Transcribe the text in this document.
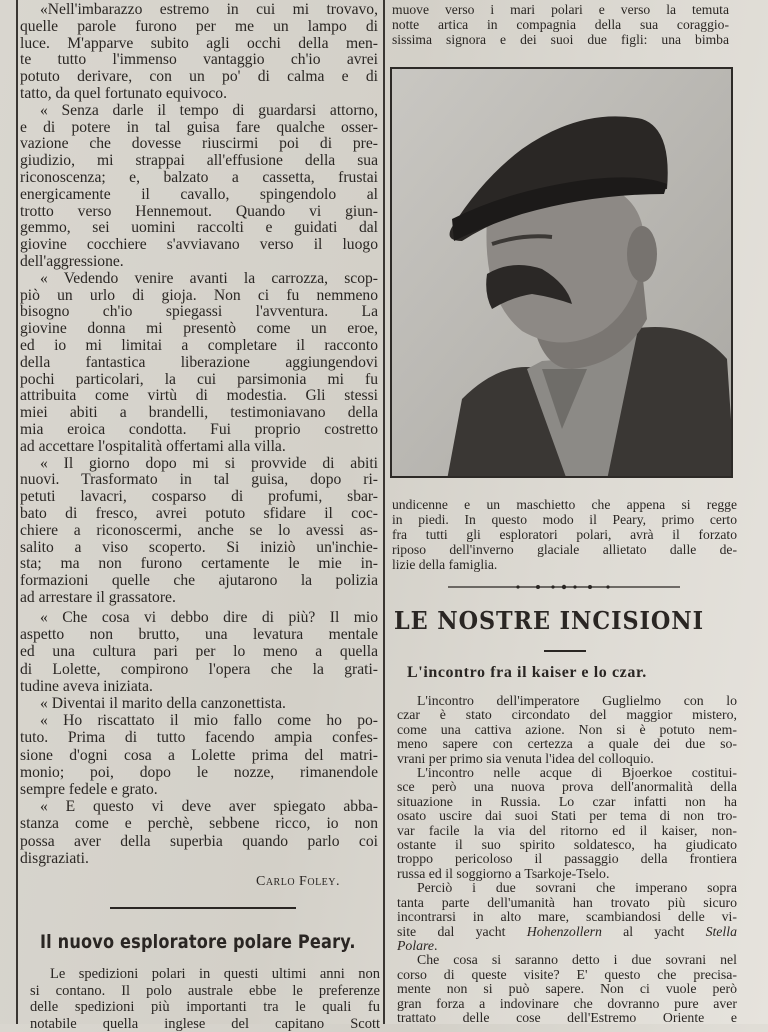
«Nell'imbarazzo estremo in cui mi trovavo,
quelle parole furono per me un lampo di
luce. M'apparve subito agli occhi della men-
te tutto l'immenso vantaggio ch'io avrei
potuto derivare, con un po' di calma e di
tatto, da quel fortunato equivoco.
« Senza darle il tempo di guardarsi attorno,
e di potere in tal guisa fare qualche osser-
vazione che dovesse riuscirmi poi di pre-
giudizio, mi strappai all'effusione della sua
riconoscenza; e, balzato a cassetta, frustai
energicamente il cavallo, spingendolo al
trotto verso Hennemout. Quando vi giun-
gemmo, sei uomini raccolti e guidati dal
giovine cocchiere s'avviavano verso il luogo
dell'aggressione.
« Vedendo venire avanti la carrozza, scop-
piò un urlo di gioja. Non ci fu nemmeno
bisogno ch'io spiegassi l'avventura. La
giovine donna mi presentò come un eroe,
ed io mi limitai a completare il racconto
della fantastica liberazione aggiungendovi
pochi particolari, la cui parsimonia mi fu
attribuita come virtù di modestia. Gli stessi
miei abiti a brandelli, testimoniavano della
mia eroica condotta. Fui proprio costretto
ad accettare l'ospitalità offertami alla villa.
« Il giorno dopo mi si provvide di abiti
nuovi. Trasformato in tal guisa, dopo ri-
petuti lavacri, cosparso di profumi, sbar-
bato di fresco, avrei potuto sfidare il coc-
chiere a riconoscermi, anche se lo avessi as-
salito a viso scoperto. Si iniziò un'inchie-
sta; ma non furono certamente le mie in-
formazioni quelle che ajutarono la polizia
ad arrestare il grassatore.
« Che cosa vi debbo dire di più? Il mio
aspetto non brutto, una levatura mentale
ed una cultura pari per lo meno a quella
di Lolette, compirono l'opera che la grati-
tudine aveva iniziata.
« Diventai il marito della canzonettista.
« Ho riscattato il mio fallo come ho po-
tuto. Prima di tutto facendo ampia confes-
sione d'ogni cosa a Lolette prima del matri-
monio; poi, dopo le nozze, rimanendole
sempre fedele e grato.
« E questo vi deve aver spiegato abba-
stanza come e perchè, sebbene ricco, io non
possa aver della superbia quando parlo coi
disgraziati.
Carlo Foley.
Il nuovo esploratore polare Peary.
Le spedizioni polari in questi ultimi anni non
si contano. Il polo australe ebbe le preferenze
delle spedizioni più importanti tra le quali fu
notabile quella inglese del capitano Scott
muove verso i mari polari e verso la temuta
notte artica in compagnia della sua coraggio-
sissima signora e dei suoi due figli: una bimba
undicenne e un maschietto che appena si regge
in piedi. In questo modo il Peary, primo certo
fra tutti gli esploratori polari, avrà il forzato
riposo dell'inverno glaciale allietato dalle de-
lizie della famiglia.
LE NOSTRE INCISIONI
L'incontro fra il kaiser e lo czar.
L'incontro dell'imperatore Guglielmo con lo
czar è stato circondato del maggior mistero,
come una cattiva azione. Non si è potuto nem-
meno sapere con certezza a quale dei due so-
vrani per primo sia venuta l'idea del colloquio.
L'incontro nelle acque di Bjoerkoe costitui-
sce però una nuova prova dell'anormalità della
situazione in Russia. Lo czar infatti non ha
osato uscire dai suoi Stati per tema di non tro-
var facile la via del ritorno ed il kaiser, non-
ostante il suo spirito soldatesco, ha giudicato
troppo pericoloso il passaggio della frontiera
russa ed il soggiorno a Tsarkoje-Tselo.
Perciò i due sovrani che imperano sopra
tanta parte dell'umanità han trovato più sicuro
incontrarsi in alto mare, scambiandosi delle vi-
site dal yacht Hohenzollern al yacht Stella
Polare.
Che cosa si saranno detto i due sovrani nel
corso di queste visite? E' questo che precisa-
mente non si può sapere. Non ci vuole però
gran forza a indovinare che dovranno pure aver
trattato delle cose dell'Estremo Oriente e
